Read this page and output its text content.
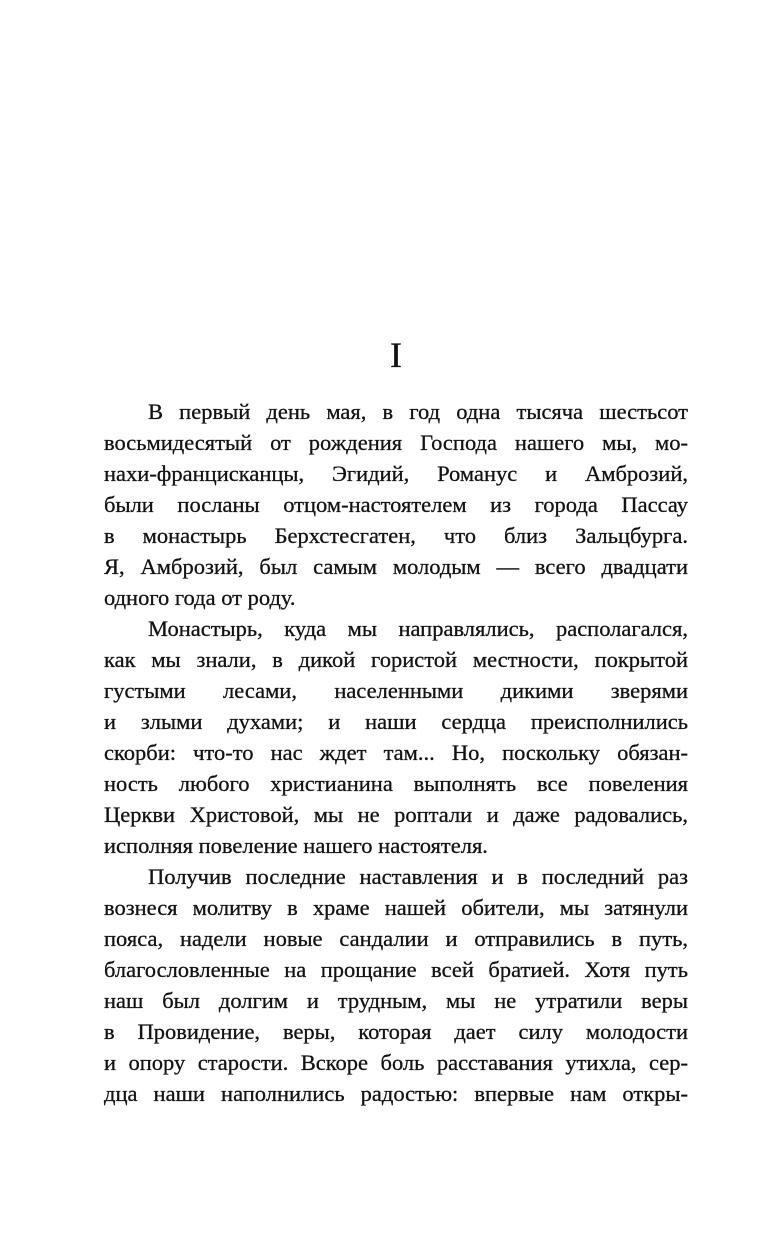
I

В первый день мая, в год одна тысяча шестьсот

восьмидесятый от рождения Господа нашего мы, мо-

нахи-францисканцы, Эгидий, Романус и Амброзий,

были посланы отцом-настоятелем из города Пассау

в монастырь Берхстесгатен, что близ Зальцбурга.

Я, Амброзий, был самым молодым — всего двадцати

одного года от роду.

Монастырь, куда мы направлялись, располагался,

как мы знали, в дикой гористой местности, покрытой

густыми лесами, населенными дикими зверями

и злыми духами; и наши сердца преисполнились

скорби: что-то нас ждет там... Но, поскольку обязан-

ность любого христианина выполнять все повеления

Церкви Христовой, мы не роптали и даже радовались,

исполняя повеление нашего настоятеля.

Получив последние наставления и в последний раз

вознеся молитву в храме нашей обители, мы затянули

пояса, надели новые сандалии и отправились в путь,

благословленные на прощание всей братией. Хотя путь

наш был долгим и трудным, мы не утратили веры

в Провидение, веры, которая дает силу молодости

и опору старости. Вскоре боль расставания утихла, сер-

дца наши наполнились радостью: впервые нам откры-
